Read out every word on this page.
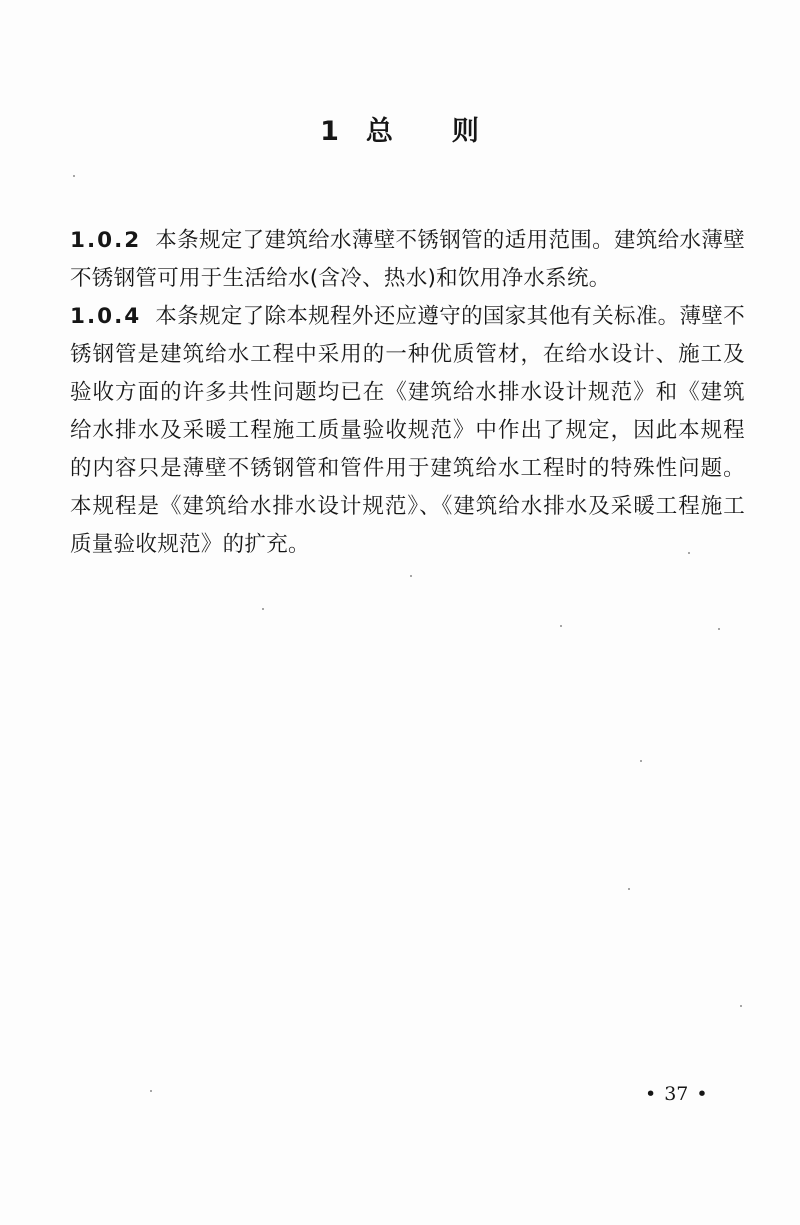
1 总 则

1.0.2 本条规定了建筑给水薄壁不锈钢管的适用范围。建筑给水薄壁不锈钢管可用于生活给水(含冷、热水)和饮用净水系统。

1.0.4 本条规定了除本规程外还应遵守的国家其他有关标准。薄壁不锈钢管是建筑给水工程中采用的一种优质管材，在给水设计、施工及验收方面的许多共性问题均已在《建筑给水排水设计规范》和《建筑给水排水及采暖工程施工质量验收规范》中作出了规定，因此本规程的内容只是薄壁不锈钢管和管件用于建筑给水工程时的特殊性问题。本规程是《建筑给水排水设计规范》、《建筑给水排水及采暖工程施工质量验收规范》的扩充。

• 37 •
